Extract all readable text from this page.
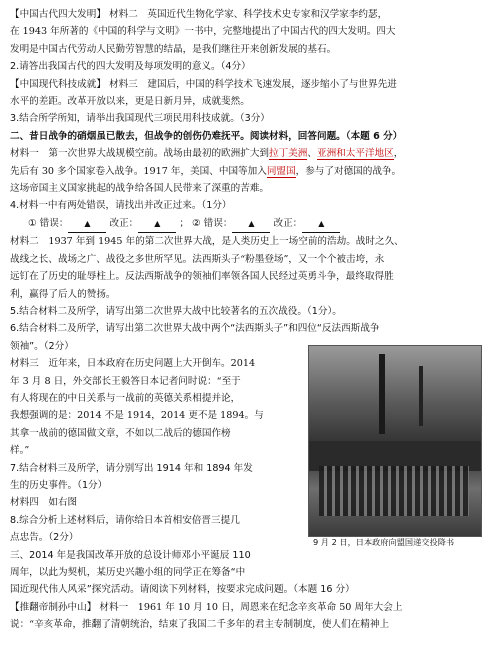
【中国古代四大发明】 材料二　英国近代生物化学家、科学技术史专家和汉学家李约瑟，

在 1943 年所著的《中国的科学与文明》一书中，完整地提出了中国古代的四大发明。四大

发明是中国古代劳动人民勤劳智慧的结晶，是我们继往开来创新发展的基石。

2.请答出我国古代的四大发明及每项发明的意义。（4分）

【中国现代科技成就】 材料三　建国后，中国的科学技术飞速发展，逐步缩小了与世界先进

水平的差距。改革开放以来，更是日新月异，成就斐然。

3.结合所学所知，请举出我国现代三项民用科技成就。（3分）

二、昔日战争的硝烟虽已散去，但战争的创伤仍难抚平。阅读材料，回答问题。（本题 6 分）

材料一　第一次世界大战规模空前。战场由最初的欧洲扩大到拉丁美洲、亚洲和太平洋地区，

先后有 30 多个国家卷入战争。1917 年，美国、中国等加入同盟国，参与了对德国的战争。

这场帝国主义国家挑起的战争给各国人民带来了深重的苦难。

4.材料一中有两处错误，请找出并改正过来。（1分）

① 错误： ▲ 改正： ▲ ； ② 错误： ▲ 改正： ▲

材料二　1937 年到 1945 年的第二次世界大战，是人类历史上一场空前的浩劫。战时之久、

战线之长、战场之广、战役之多世所罕见。法西斯头子“粉墨登场”，又一个个被击垮，永

远钉在了历史的耻辱柱上。反法西斯战争的领袖们率领各国人民经过英勇斗争，最终取得胜

利，赢得了后人的赞扬。

5.结合材料二及所学，请写出第二次世界大战中比较著名的五次战役。（1分）。

6.结合材料二及所学，请写出第二次世界大战中两个“法西斯头子”和四位“反法西斯战争

领袖”。（2分）

材料三　近年来，日本政府在历史问题上大开倒车。2014

年 3 月 8 日，外交部长王毅答日本记者问时说：“至于

有人将现在的中日关系与一战前的英德关系相提并论，

我想强调的是：2014 不是 1914，2014 更不是 1894。与

其拿一战前的德国做文章，不如以二战后的德国作榜

样。”

7.结合材料三及所学，请分别写出 1914 年和 1894 年发

生的历史事件。（1分）

材料四　如右图

8.综合分析上述材料后，请你给日本首相安倍晋三提几

点忠告。（2分）

三、2014 年是我国改革开放的总设计师邓小平诞辰 110

周年，以此为契机，某历史兴趣小组的同学正在筹备“中

国近现代伟人风采”探究活动。请阅读下列材料，按要求完成问题。（本题 16 分）

【推翻帝制孙中山】 材料一　1961 年 10 月 10 日，周恩来在纪念辛亥革命 50 周年大会上

说：“辛亥革命，推翻了清朝统治，结束了我国二千多年的君主专制制度，使人们在精神上

9 月 2 日，日本政府向盟国递交投降书
